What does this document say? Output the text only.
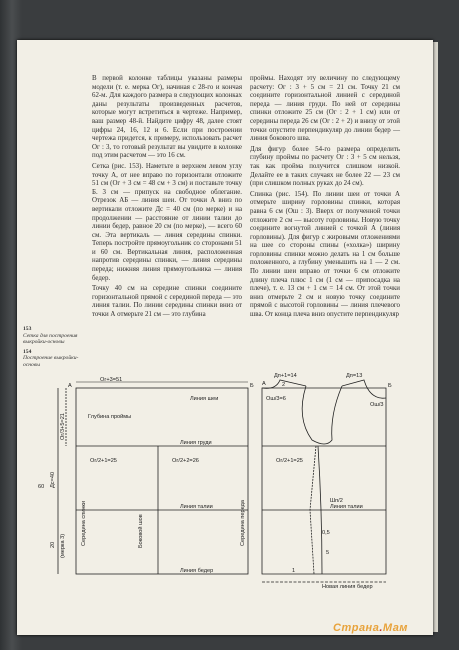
В первой колонке таблицы указаны размеры модели (т. е. мерка Ог), начиная с 28-го и кончая 62-м. Для каждого размера в следующих колонках даны результаты произведенных расчетов, которые могут встретиться в чертеже. Например, ваш размер 48-й. Найдите цифру 48, далее стоят цифры 24, 16, 12 и 6. Если при построении чертежа придется, к примеру, использовать расчет Ог : 3, то готовый результат вы увидите в колонке под этим расчетом — это 16 см.

Сетка (рис. 153). Наметьте в верхнем левом углу точку А, от нее вправо по горизонтали отложите 51 см (Ог + 3 см = 48 см + 3 см) и поставьте точку Б. 3 см — припуск на свободное облегание. Отрезок АБ — линия шеи. От точки А вниз по вертикали отложите Дс = 40 см (по мерке) и на продолжении — расстояние от линии талии до линии бедер, равное 20 см (по мерке), — всего 60 см. Эта вертикаль — линия середины спинки. Теперь постройте прямоугольник со сторонами 51 и 60 см. Вертикальная линия, расположенная напротив середины спинки, — линия середины переда; нижняя линия прямоугольника — линия бедер.

Точку 40 см на середине спинки соедините горизонтальной прямой с серединой переда — это линия талии. По линии середины спинки вниз от точки А отмерьте 21 см — это глубина

проймы. Находят эту величину по следующему расчету: Ог : 3 + 5 см = 21 см. Точку 21 см соедините горизонтальной линией с серединой переда — линия груди. По ней от середины спинки отложите 25 см (Ог : 2 + 1 см) или от середины переда 26 см (Ог : 2 + 2) и внизу от этой точки опустите перпендикуляр до линии бедер — линия бокового шва.

Для фигур более 54-го размера определить глубину проймы по расчету Ог : 3 + 5 см нельзя, так как пройма получится слишком низкой. Делайте ее в таких случаях не более 22 — 23 см (при слишком полных руках до 24 см).

Спинка (рис. 154). По линии шеи от точки А отмерьте ширину горловины спинки, которая равна 6 см (Ош : 3). Вверх от полученной точки отложите 2 см — высоту горловины. Новую точку соедините вогнутой линией с точкой А (линия горловины). Для фигур с жировыми отложениями на шее со стороны спины («холка») ширину горловины спинки можно делать на 1 см больше положенного, а глубину уменьшить на 1 — 2 см. По линии шеи вправо от точки 6 см отложите длину плеча плюс 1 см (1 см — припосадка на плече), т. е. 13 см + 1 см = 14 см. От этой точки вниз отмерьте 2 см и новую точку соедините прямой с высотой горловины — линия плечевого шва. От конца плеча вниз опустите перпендикуляр

153
Сетка для построения выкройки-основы
154
Построение выкройки-основы
А	Б
Ог+3=51
Линия шеи
Глубина проймы
Линия груди
Ог/2+1=25	Ог/2+2=26
Линия талии
Линия бедер
Середина спинки	Боковой шов	Середина переда
Дс=40
Ог/3+5=21
20 (мерка 3)
60
А	Б
Дп+1=14	Дп=13
Ош/3=6
2
Ош/3
Ог/2+1=25
Шп/2
Линия талии
0,5
5
Новая линия бедер
1
Страна.Мам
